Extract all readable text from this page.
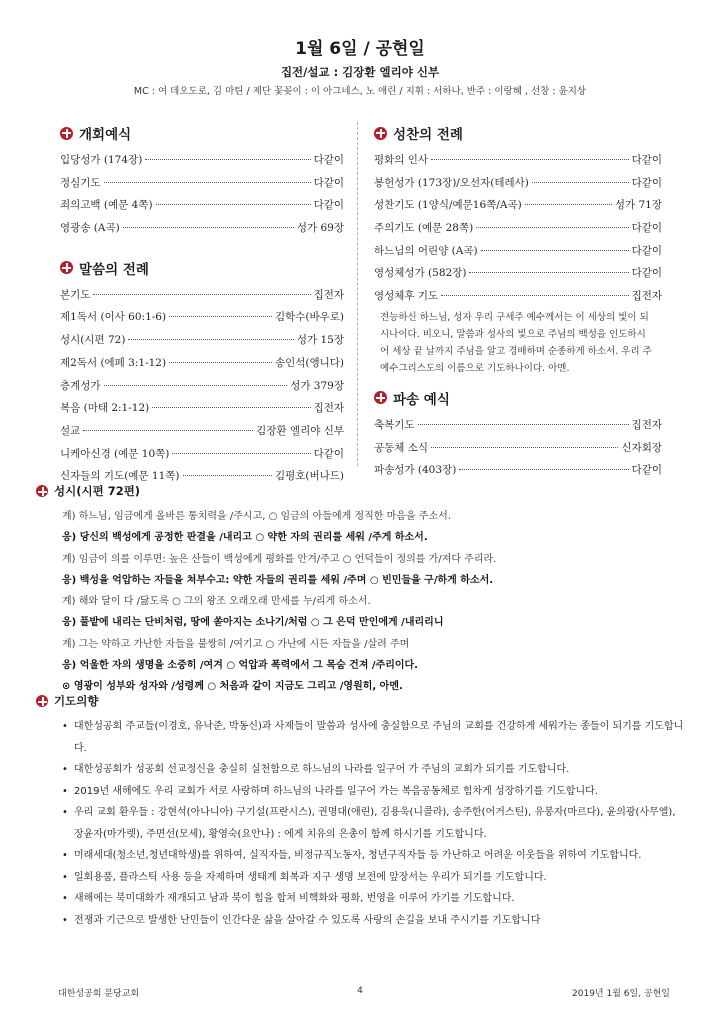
1월 6일 / 공현일
집전/설교 : 김장환 엘리야 신부
MC : 여 데오도로, 김 마틴 / 제단 꽃꽂이 : 이 아그네스, 노 애린 / 지휘 : 서하나, 반주 : 이랑혜 , 선창 : 윤지상
개회예식
입당성가 (174장)	다같이
정심기도	다같이
죄의고백 (예문 4쪽)	다같이
영광송 (A곡)	성가 69장
말씀의 전례
본기도	집전자
제1독서 (이사 60:1-6)	김학수(바우로)
성시(시편 72)	성가 15장
제2독서 (에페 3:1-12)	송인석(앵니다)
층계성가	성가 379장
복음 (마태 2:1-12)	집전자
설교	김장환 엘리야 신부
니케아신경 (예문 10쪽)	다같이
신자들의 기도(예문 11쪽)	김평호(버나드)
성찬의 전례
평화의 인사	다같이
봉헌성가 (173장)/오선자(테레사)	다같이
성찬기도 (1양식/예문16쪽/A곡)	성가 71장
주의기도 (예문 28쪽)	다같이
하느님의 어린양 (A곡)	다같이
영성체성가 (582장)	다같이
영성체후 기도	집전자
전능하신 하느님, 성자 우리 구세주 예수께서는 이 세상의 빛이 되
시나이다. 비오니, 말씀과 성사의 빛으로 주님의 백성을 인도하시
어 세상 끝 날까지 주님을 알고 경배하며 순종하게 하소서. 우리 주
예수그리스도의 이름으로 기도하나이다. 아멘.
파송 예식
축복기도	집전자
공동체 소식	신자회장
파송성가 (403장)	다같이
성시(시편 72편)
계) 하느님, 임금에게 올바른 통치력을 /주시고, ○ 임금의 아들에게 정직한 마음을 주소서.
응) 당신의 백성에게 공정한 판결을 /내리고 ○ 약한 자의 권리를 세워 /주게 하소서.
계) 임금이 의를 이루면: 높은 산들이 백성에게 평화를 안겨/주고 ○ 언덕들이 정의를 가/져다 주리라.
응) 백성을 억압하는 자들을 쳐부수고: 약한 자들의 권리를 세워 /주며 ○ 빈민들을 구/하게 하소서.
계) 해와 달이 다 /닳도록 ○ 그의 왕조 오래오래 만세를 누/리게 하소서.
응) 풀밭에 내리는 단비처럼, 땅에 쏟아지는 소나기/처럼 ○ 그 은덕 만인에게 /내리리니
계) 그는 약하고 가난한 자들을 불쌍히 /여기고 ○ 가난에 시든 자들을 /살려 주며
응) 억울한 자의 생명을 소중히 /여겨 ○ 억압과 폭력에서 그 목숨 건져 /주리이다.
⊙ 영광이 성부와 성자와 /성령께 ○ 처음과 같이 지금도 그리고 /영원히, 아멘.
기도의향
• 대한성공회 주교들(이경호, 유낙준, 박동신)과 사제들이 말씀과 성사에 충실함으로 주님의 교회를 건강하게 세워가는 종들이 되기를 기도합니다.
• 대한성공회가 성공회 선교정신을 충실히 실천함으로 하느님의 나라를 일구어 가 주님의 교회가 되기를 기도합니다.
• 2019년 새해에도 우리 교회가 서로 사랑하며 하느님의 나라를 일구어 가는 복음공동체로 힘차게 성장하기를 기도합니다.
• 우리 교회 환우들 : 강현석(아나니아) 구기설(프란시스), 권명대(애린), 김용욱(니콜라), 송주한(어거스틴), 유봉자(마르다), 윤의광(사무엘), 장윤자(마가렛), 주면선(모세), 황영숙(요안나) : 에게 치유의 은총이 함께 하시기를 기도합니다.
• 미래세대(청소년,청년대학생)를 위하여, 실직자들, 비정규직노동자, 청년구직자들 등 가난하고 어려운 이웃들을 위하여 기도합니다.
• 일회용품, 플라스틱 사용 등을 자제하며 생태계 회복과 지구 생명 보전에 앞장서는 우리가 되기를 기도합니다.
• 새해에는 북미대화가 재개되고 남과 북이 힘을 합쳐 비핵화와 평화, 번영을 이루어 가기를 기도합니다.
• 전쟁과 기근으로 발생한 난민들이 인간다운 삶을 살아갈 수 있도록 사랑의 손길을 보내 주시기를 기도합니다
대한성공회 분당교회	4	2019년 1월 6일, 공현일
